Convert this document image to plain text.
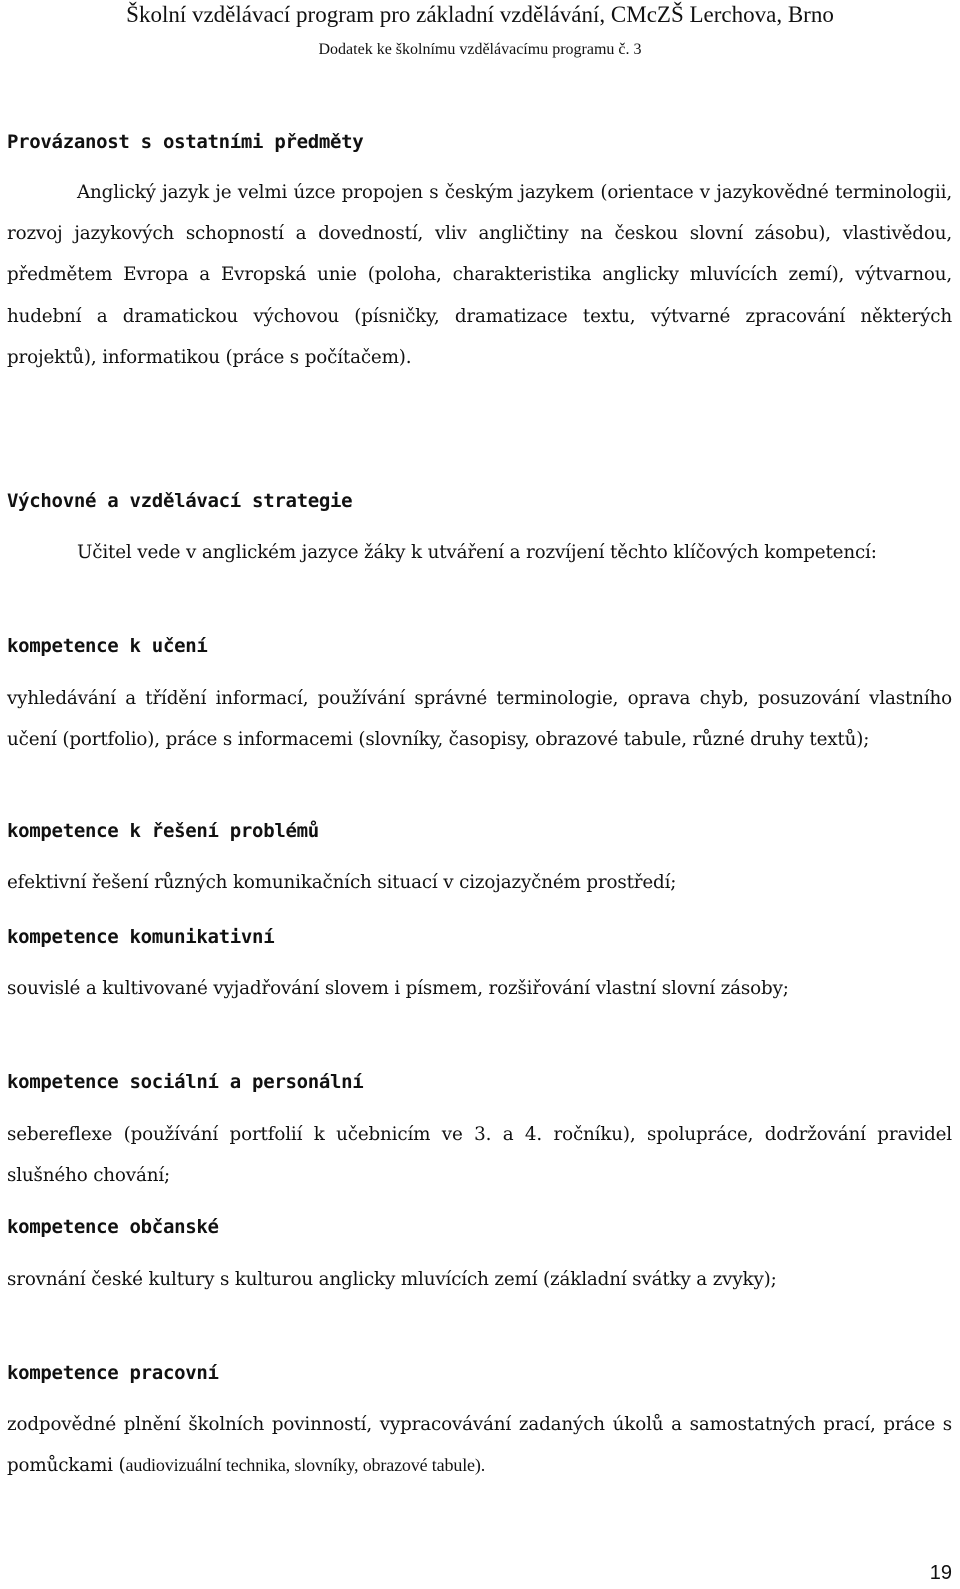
Školní vzdělávací program pro základní vzdělávání, CMcZŠ Lerchova, Brno
Dodatek ke školnímu vzdělávacímu programu č. 3
Provázanost s ostatními předměty

Anglický jazyk je velmi úzce propojen s českým jazykem (orientace v jazykovědné terminologii, rozvoj jazykových schopností a dovedností, vliv angličtiny na českou slovní zásobu), vlastivědou, předmětem Evropa a Evropská unie (poloha, charakteristika anglicky mluvících zemí), výtvarnou, hudební a dramatickou výchovou (písničky, dramatizace textu, výtvarné zpracování některých projektů), informatikou (práce s počítačem).

Výchovné a vzdělávací strategie

Učitel vede v anglickém jazyce žáky k utváření a rozvíjení těchto klíčových kompetencí:

kompetence k učení

vyhledávání a třídění informací, používání správné terminologie, oprava chyb, posuzování vlastního učení (portfolio), práce s informacemi (slovníky, časopisy, obrazové tabule, různé druhy textů);

kompetence k řešení problémů

efektivní řešení různých komunikačních situací v cizojazyčném prostředí;

kompetence komunikativní

souvislé a kultivované vyjadřování slovem i písmem, rozšiřování vlastní slovní zásoby;

kompetence sociální a personální

sebereflexe (používání portfolií k učebnicím ve 3. a 4. ročníku), spolupráce, dodržování pravidel slušného chování;

kompetence občanské

srovnání české kultury s kulturou anglicky mluvících zemí (základní svátky a zvyky);

kompetence pracovní

zodpovědné plnění školních povinností, vypracovávání zadaných úkolů a samostatných prací, práce s pomůckami (audiovizuální technika, slovníky, obrazové tabule).

19
